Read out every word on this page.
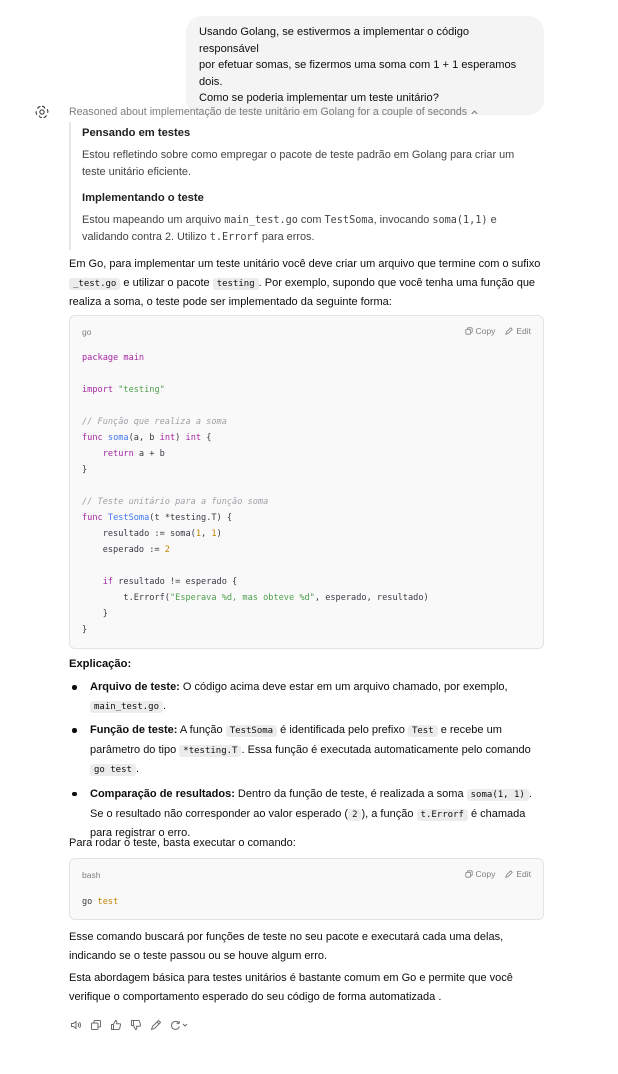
Usando Golang, se estivermos a implementar o código responsável
por efetuar somas, se fizermos uma soma com 1 + 1 esperamos dois.
Como se poderia implementar um teste unitário?
Reasoned about implementação de teste unitário em Golang for a couple of seconds
Pensando em testes

Estou refletindo sobre como empregar o pacote de teste padrão em Golang para criar um teste unitário eficiente.

Implementando o teste

Estou mapeando um arquivo main_test.go com TestSoma, invocando soma(1,1) e validando contra 2. Utilizo t.Errorf para erros.

Em Go, para implementar um teste unitário você deve criar um arquivo que termine com o sufixo _test.go e utilizar o pacote testing . Por exemplo, supondo que você tenha uma função que realiza a soma, o teste pode ser implementado da seguinte forma:
go	Copy Edit
package main

import "testing"

// Função que realiza a soma
func soma(a, b int) int {
return a + b
}

// Teste unitário para a função soma
func TestSoma(t *testing.T) {
resultado := soma(1, 1)
esperado := 2

if resultado != esperado {
t.Errorf("Esperava %d, mas obteve %d", esperado, resultado)
}
}
Explicação:
Arquivo de teste: O código acima deve estar em um arquivo chamado, por exemplo, main_test.go .
Função de teste: A função TestSoma é identificada pelo prefixo Test e recebe um parâmetro do tipo *testing.T . Essa função é executada automaticamente pelo comando go test .
Comparação de resultados: Dentro da função de teste, é realizada a soma soma(1, 1) . Se o resultado não corresponder ao valor esperado ( 2 ), a função t.Errorf é chamada para registrar o erro.
Para rodar o teste, basta executar o comando:
bash	Copy Edit
go test
Esse comando buscará por funções de teste no seu pacote e executará cada uma delas, indicando se o teste passou ou se houve algum erro.
Esta abordagem básica para testes unitários é bastante comum em Go e permite que você verifique o comportamento esperado do seu código de forma automatizada .
